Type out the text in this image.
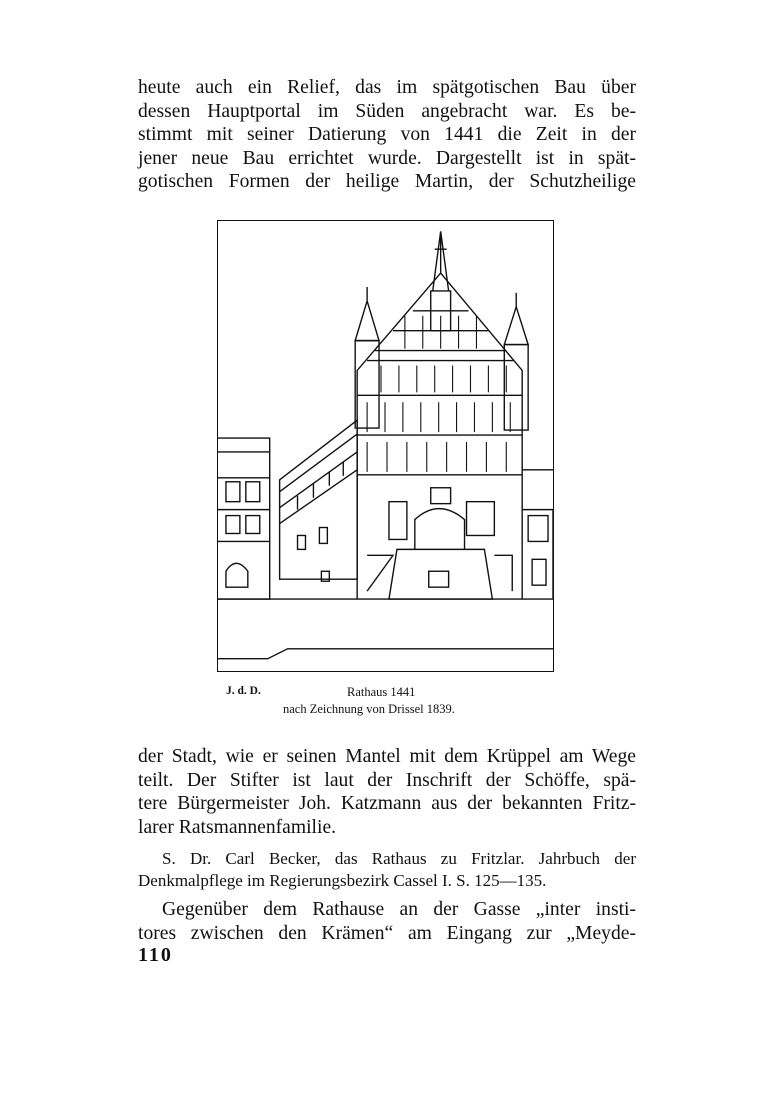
heute auch ein Relief, das im spätgotischen Bau über
dessen Hauptportal im Süden angebracht war. Es be-
stimmt mit seiner Datierung von 1441 die Zeit in der
jener neue Bau errichtet wurde. Dargestellt ist in spät-
gotischen Formen der heilige Martin, der Schutzheilige
J. d. D.	Rathaus 1441
nach Zeichnung von Drissel 1839.
der Stadt, wie er seinen Mantel mit dem Krüppel am Wege
teilt. Der Stifter ist laut der Inschrift der Schöffe, spä-
tere Bürgermeister Joh. Katzmann aus der bekannten Fritz-
larer Ratsmannenfamilie.
S. Dr. Carl Becker, das Rathaus zu Fritzlar. Jahrbuch der
Denkmalpflege im Regierungsbezirk Cassel I. S. 125—135.
Gegenüber dem Rathause an der Gasse „inter insti-
tores zwischen den Krämen“ am Eingang zur „Meyde-
110
